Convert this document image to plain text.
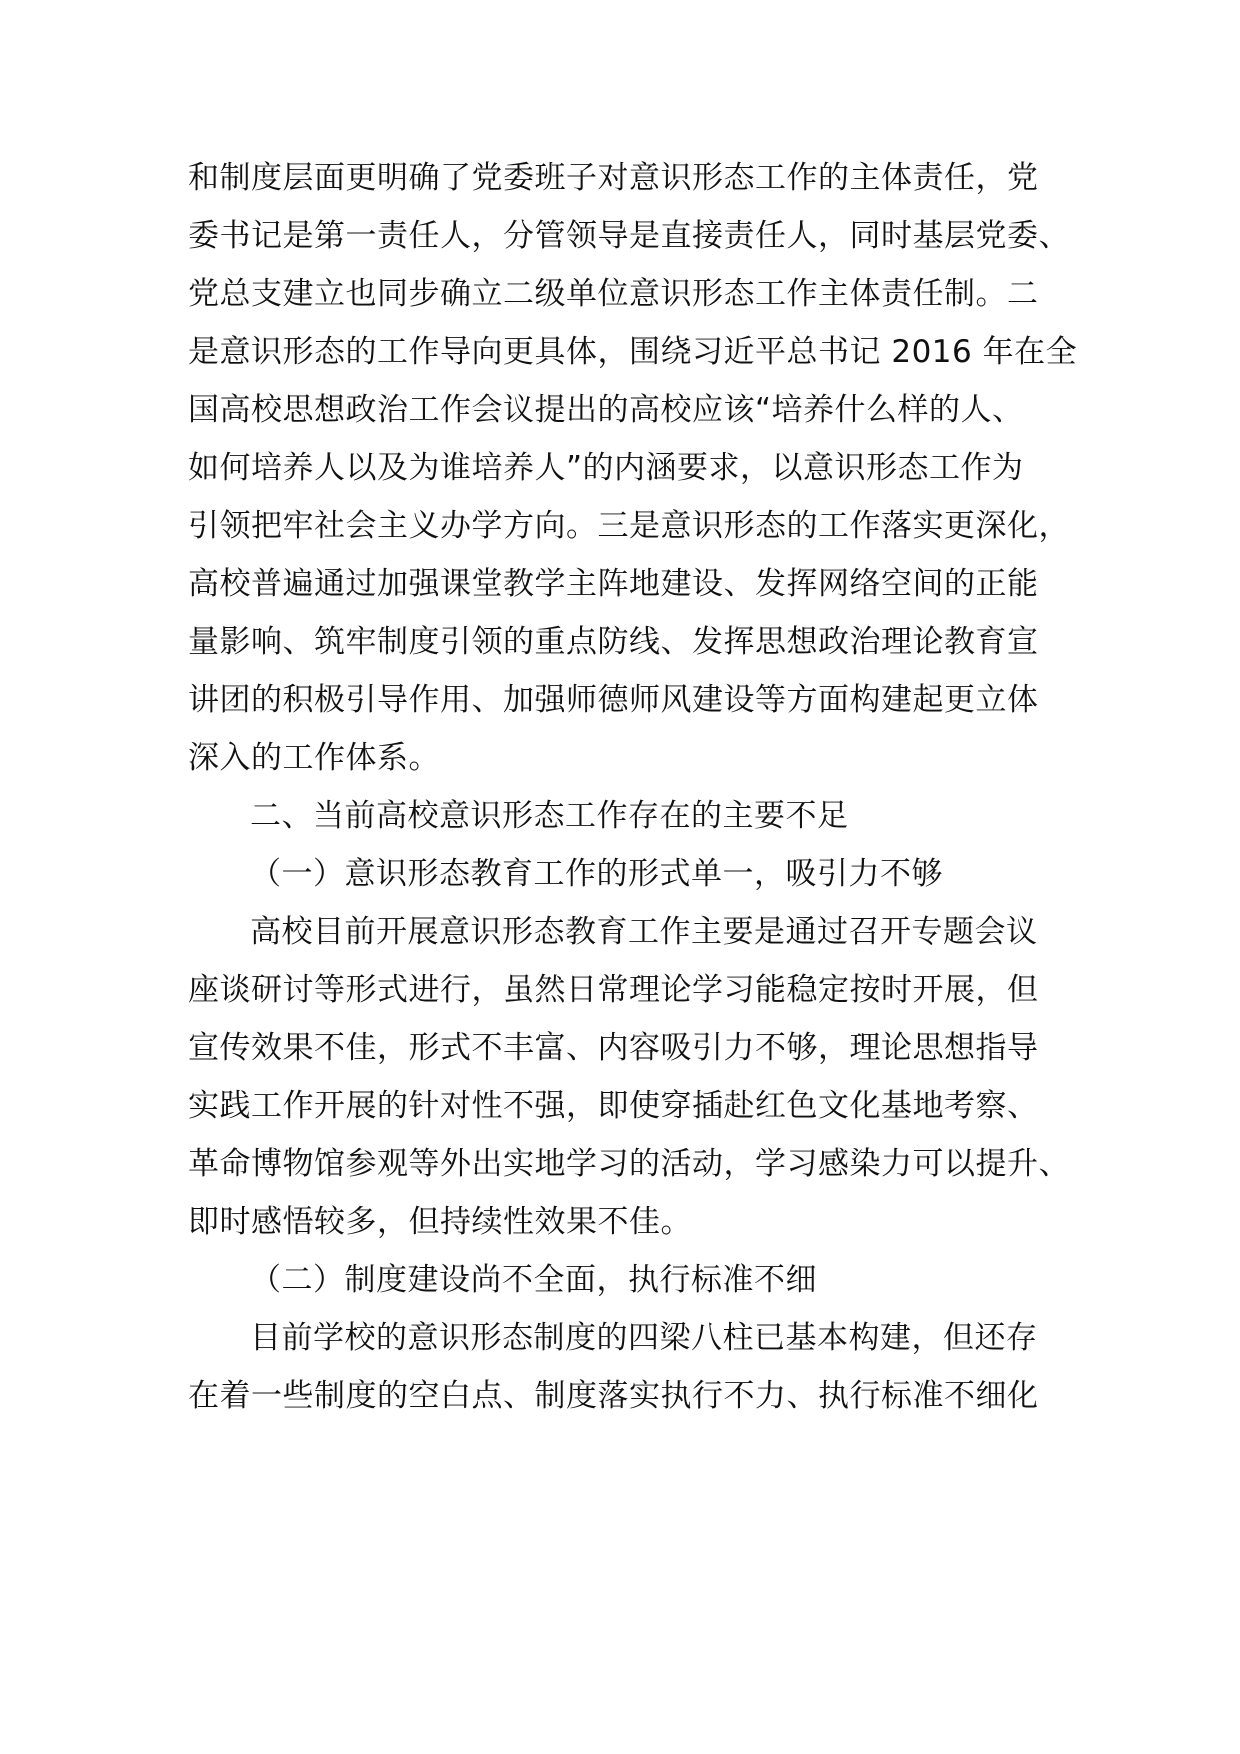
和制度层面更明确了党委班子对意识形态工作的主体责任，党
委书记是第一责任人，分管领导是直接责任人，同时基层党委、
党总支建立也同步确立二级单位意识形态工作主体责任制。二
是意识形态的工作导向更具体，围绕习近平总书记 2016 年在全
国高校思想政治工作会议提出的高校应该“培养什么样的人、
如何培养人以及为谁培养人”的内涵要求，以意识形态工作为
引领把牢社会主义办学方向。三是意识形态的工作落实更深化，
高校普遍通过加强课堂教学主阵地建设、发挥网络空间的正能
量影响、筑牢制度引领的重点防线、发挥思想政治理论教育宣
讲团的积极引导作用、加强师德师风建设等方面构建起更立体
深入的工作体系。
二、当前高校意识形态工作存在的主要不足
（一）意识形态教育工作的形式单一，吸引力不够
高校目前开展意识形态教育工作主要是通过召开专题会议
座谈研讨等形式进行，虽然日常理论学习能稳定按时开展，但
宣传效果不佳，形式不丰富、内容吸引力不够，理论思想指导
实践工作开展的针对性不强，即使穿插赴红色文化基地考察、
革命博物馆参观等外出实地学习的活动，学习感染力可以提升、
即时感悟较多，但持续性效果不佳。
（二）制度建设尚不全面，执行标准不细
目前学校的意识形态制度的四梁八柱已基本构建，但还存
在着一些制度的空白点、制度落实执行不力、执行标准不细化
